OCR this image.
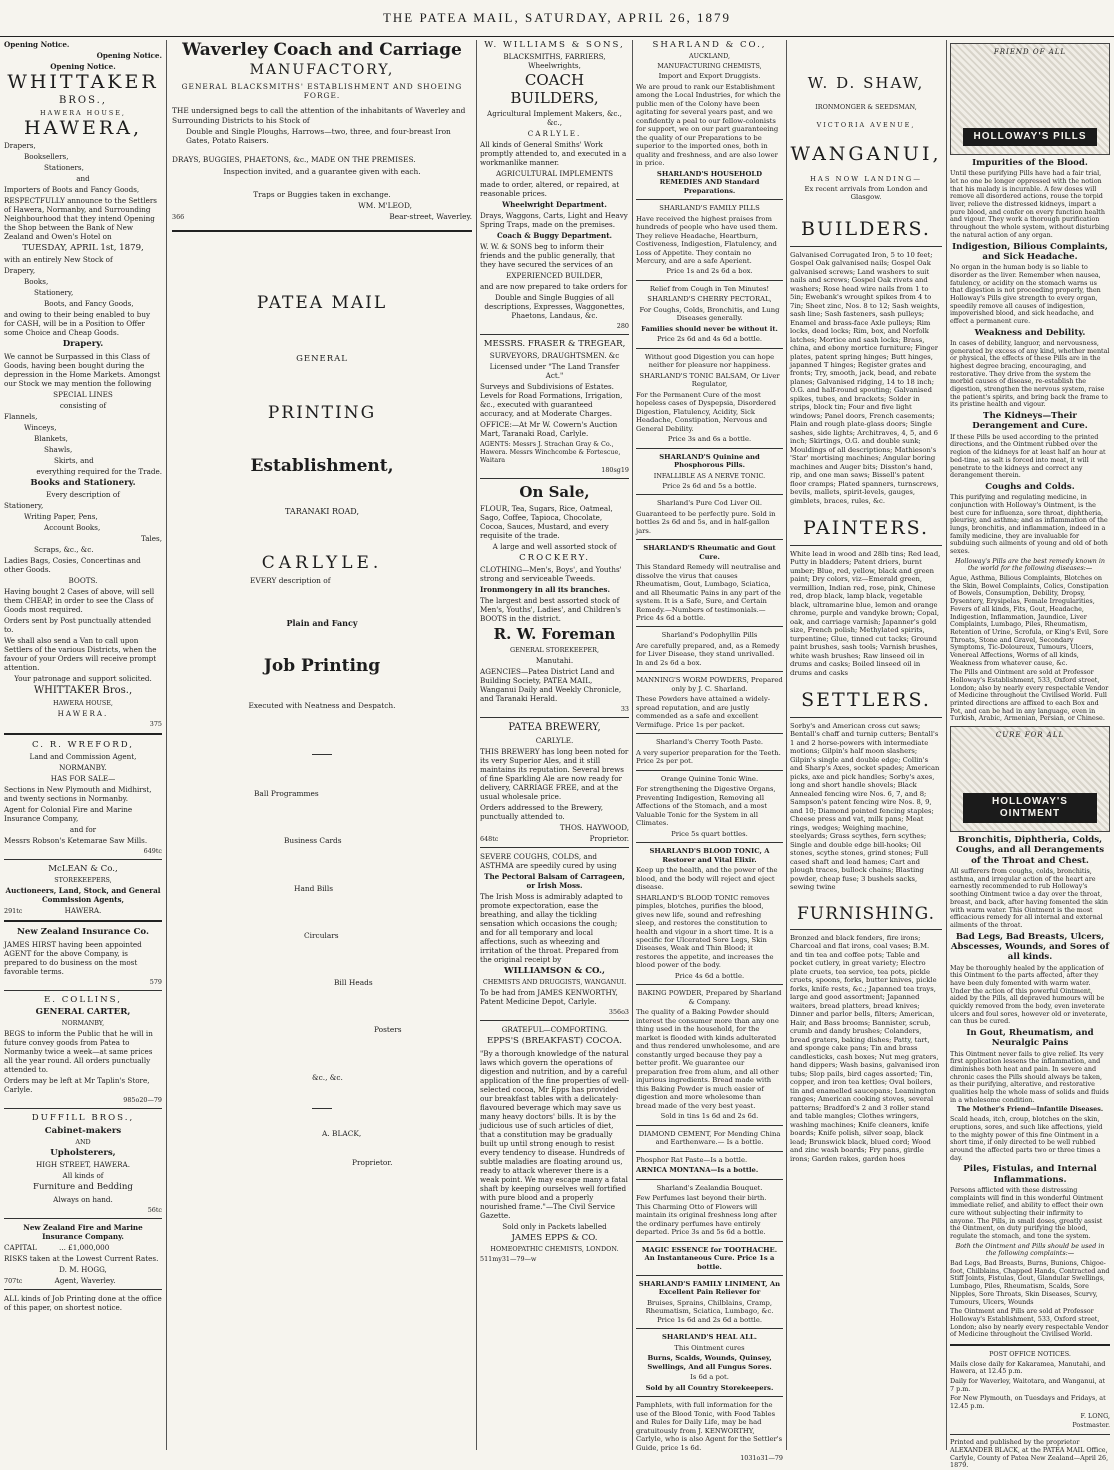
THE PATEA MAIL, SATURDAY, APRIL 26, 1879

Opening Notice.

Opening Notice.

Opening Notice.

WHITTAKER

BROS.,

HAWERA HOUSE,

HAWERA,

Drapers,

Booksellers,

Stationers,

and

Importers of Boots and Fancy Goods,

RESPECTFULLY announce to the Settlers of Hawera, Normanby, and Surrounding Neighbourhood that they intend Opening the Shop between the Bank of New Zealand and Owen's Hotel on

TUESDAY, APRIL 1st, 1879,

with an entirely New Stock of

Drapery,

Books,

Stationery,

Boots, and Fancy Goods,

and owing to their being enabled to buy for CASH, will be in a Position to Offer some Choice and Cheap Goods.

Drapery.

We cannot be Surpassed in this Class of Goods, having been bought during the depression in the Home Markets. Amongst our Stock we may mention the following

SPECIAL LINES

consisting of

Flannels,

Winceys,

Blankets,

Shawls,

Skirts, and

everything required for the Trade.

Books and Stationery.

Every description of

Stationery,

Writing Paper, Pens,

Account Books,

Tales,

Scraps, &c., &c.

Ladies Bags, Cosies, Concertinas and other Goods.

BOOTS.

Having bought 2 Cases of above, will sell them CHEAP, in order to see the Class of Goods most required.

Orders sent by Post punctually attended to.

We shall also send a Van to call upon Settlers of the various Districts, when the favour of your Orders will receive prompt attention.

Your patronage and support solicited.

WHITTAKER Bros.,

HAWERA HOUSE,

HAWERA.

375

C. R. WREFORD,

Land and Commission Agent,

NORMANBY.

HAS FOR SALE—

Sections in New Plymouth and Midhirst, and twenty sections in Normanby.

Agent for Colonial Fire and Marine Insurance Company,

and for

Messrs Robson's Ketemarae Saw Mills.

649tc

McLEAN & Co.,

STOREKEEPERS,

Auctioneers, Land, Stock, and General Commission Agents,

291tc	HAWERA.

New Zealand Insurance Co.

JAMES HIRST having been appointed AGENT for the above Company, is prepared to do business on the most favorable terms.

579

E. COLLINS,

GENERAL CARTER,

NORMANBY,

BEGS to inform the Public that he will in future convey goods from Patea to Normanby twice a week—at same prices all the year round. All orders punctually attended to.

Orders may be left at Mr Taplin's Store, Carlyle.

985o20—79

DUFFILL BROS.,

Cabinet-makers

AND

Upholsterers,

HIGH STREET, HAWERA.

All kinds of

Furniture and Bedding

Always on hand.

56tc

New Zealand Fire and Marine Insurance Company.

CAPITAL	... £1,000,000

RISKS taken at the Lowest Current Rates.

D. M. HOGG,

707tc	Agent, Waverley.

ALL kinds of Job Printing done at the office of this paper, on shortest notice.

Waverley Coach and Carriage

MANUFACTORY,

GENERAL BLACKSMITHS' ESTABLISHMENT AND SHOEING FORGE.

THE undersigned begs to call the attention of the inhabitants of Waverley and Surrounding Districts to his Stock of

Double and Single Ploughs, Harrows—two, three, and four-breast Iron Gates, Potato Raisers.

DRAYS, BUGGIES, PHAETONS, &c., MADE ON THE PREMISES.

Inspection invited, and a guarantee given with each.

Traps or Buggies taken in exchange.

WM. M'LEOD,

366	Bear-street, Waverley.

PATEA MAIL

GENERAL

PRINTING

Establishment,

TARANAKI ROAD,

CARLYLE.

EVERY description of

Plain and Fancy

Job Printing

Executed with Neatness and Despatch.

Ball Programmes

Business Cards

Hand Bills

Circulars

Bill Heads

Posters

&c., &c.

A. BLACK,

Proprietor.

W. WILLIAMS & SONS,

BLACKSMITHS, FARRIERS, Wheelwrights,

COACH BUILDERS,

Agricultural Implement Makers, &c., &c.,

CARLYLE.

All kinds of General Smiths' Work promptly attended to, and executed in a workmanlike manner.

AGRICULTURAL IMPLEMENTS

made to order, altered, or repaired, at reasonable prices.

Wheelwright Department.

Drays, Waggons, Carts, Light and Heavy Spring Traps, made on the premises.

Coach & Buggy Department.

W. W. & SONS beg to inform their friends and the public generally, that they have secured the services of an

EXPERIENCED BUILDER,

and are now prepared to take orders for

Double and Single Buggies of all descriptions, Expresses, Waggonettes, Phaetons, Landaus, &c.

280

MESSRS. FRASER & TREGEAR,

SURVEYORS, DRAUGHTSMEN. &c

Licensed under "The Land Transfer Act."

Surveys and Subdivisions of Estates. Levels for Road Formations, Irrigation, &c., executed with guaranteed accuracy, and at Moderate Charges.

OFFICE:—At Mr W. Cowern's Auction Mart, Taranaki Road, Carlyle.

AGENTS: Messrs J. Strachan Gray & Co., Hawera. Messrs Winchcombe & Fortescue, Waitara

180sg19

On Sale,

FLOUR, Tea, Sugars, Rice, Oatmeal, Sago, Coffee, Tapioca, Chocolate, Cocoa, Sauces, Mustard, and every requisite of the trade.

A large and well assorted stock of

CROCKERY.

CLOTHING—Men's, Boys', and Youths' strong and serviceable Tweeds.

Ironmongery in all its branches.

The largest and best assorted stock of Men's, Youths', Ladies', and Children's BOOTS in the district.

R. W. Foreman

GENERAL STOREKEEPER,

Manutahi.

AGENCIES—Patea District Land and Building Society, PATEA MAIL, Wanganui Daily and Weekly Chronicle, and Taranaki Herald.

33

PATEA BREWERY,

CARLYLE.

THIS BREWERY has long been noted for its very Superior Ales, and it still maintains its reputation. Several brews of fine Sparkling Ale are now ready for delivery, CARRIAGE FREE, and at the usual wholesale price.

Orders addressed to the Brewery, punctually attended to.

THOS. HAYWOOD,

648tc	Proprietor.

SEVERE COUGHS, COLDS, and ASTHMA are speedily cured by using

The Pectoral Balsam of Carrageen, or Irish Moss.

The Irish Moss is admirably adapted to promote expectoration, ease the breathing, and allay the tickling sensation which occasions the cough; and for all temporary and local affections, such as wheezing and irritation of the throat. Prepared from the original receipt by

WILLIAMSON & CO.,

CHEMISTS AND DRUGGISTS, WANGANUI.

To be had from JAMES KENWORTHY, Patent Medicine Depot, Carlyle.

356o3

GRATEFUL—COMFORTING.

EPPS'S (BREAKFAST) COCOA.

"By a thorough knowledge of the natural laws which govern the operations of digestion and nutrition, and by a careful application of the fine properties of well-selected cocoa, Mr Epps has provided our breakfast tables with a delicately-flavoured beverage which may save us many heavy doctors' bills. It is by the judicious use of such articles of diet, that a constitution may be gradually built up until strong enough to resist every tendency to disease. Hundreds of subtle maladies are floating around us, ready to attack wherever there is a weak point. We may escape many a fatal shaft by keeping ourselves well fortified with pure blood and a properly nourished frame."—The Civil Service Gazette.

Sold only in Packets labelled

JAMES EPPS & CO.

HOMEOPATHIC CHEMISTS, LONDON.

511my31—79—w

SHARLAND & CO.,

AUCKLAND,

MANUFACTURING CHEMISTS,

Import and Export Druggists.

We are proud to rank our Establishment among the Local Industries, for which the public men of the Colony have been agitating for several years past, and we confidently a peal to our fellow-colonists for support, we on our part guaranteeing the quality of our Preparations to be superior to the imported ones, both in quality and freshness, and are also lower in price.

SHARLAND'S HOUSEHOLD REMEDIES AND Standard Preparations.

SHARLAND'S FAMILY PILLS

Have received the highest praises from hundreds of people who have used them. They relieve Headache, Heartburn, Costiveness, Indigestion, Flatulency, and Loss of Appetite. They contain no Mercury, and are a safe Aperient.

Price 1s and 2s 6d a box.

Relief from Cough in Ten Minutes!

SHARLAND'S CHERRY PECTORAL,

For Coughs, Colds, Bronchitis, and Lung Diseases generally.

Families should never be without it.

Price 2s 6d and 4s 6d a bottle.

Without good Digestion you can hope neither for pleasure nor happiness.

SHARLAND'S TONIC BALSAM, Or Liver Regulator,

For the Permanent Cure of the most hopeless cases of Dyspepsia, Disordered Digestion, Flatulency, Acidity, Sick Headache, Constipation, Nervous and General Debility.

Price 3s and 6s a bottle.

SHARLAND'S Quinine and Phosphorous Pills.

INFALLIBLE AS A NERVE TONIC.

Price 2s 6d and 5s a bottle.

Sharland's Pure Cod Liver Oil.

Guaranteed to be perfectly pure. Sold in bottles 2s 6d and 5s, and in half-gallon jars.

SHARLAND'S Rheumatic and Gout Cure.

This Standard Remedy will neutralise and dissolve the virus that causes Rheumatism, Gout, Lumbago, Sciatica, and all Rheumatic Pains in any part of the system. It is a Safe, Sure, and Certain Remedy.—Numbers of testimonials.—Price 4s 6d a bottle.

Sharland's Podophyllin Pills

Are carefully prepared, and, as a Remedy for Liver Disease, they stand unrivalled. In and 2s 6d a box.

MANNING'S WORM POWDERS, Prepared only by J. C. Sharland.

These Powders have attained a widely-spread reputation, and are justly commended as a safe and excellent Vermifuge. Price 1s per packet.

Sharland's Cherry Tooth Paste.

A very superior preparation for the Teeth. Price 2s per pot.

Orange Quinine Tonic Wine.

For strengthening the Digestive Organs, Preventing Indigestion, Removing all Affections of the Stomach, and a most Valuable Tonic for the System in all Climates.

Price 5s quart bottles.

SHARLAND'S BLOOD TONIC, A Restorer and Vital Elixir.

Keep up the health, and the power of the blood, and the body will reject and eject disease.

SHARLAND'S BLOOD TONIC removes pimples, blotches, purifies the blood, gives new life, sound and refreshing sleep, and restores the constitution to health and vigour in a short time. It is a specific for Ulcerated Sore Legs, Skin Diseases, Weak and Thin Blood; it restores the appetite, and increases the blood power of the body.

Price 4s 6d a bottle.

BAKING POWDER, Prepared by Sharland & Company.

The quality of a Baking Powder should interest the consumer more than any one thing used in the household, for the market is flooded with kinds adulterated and thus rendered unwholesome, and are constantly urged because they pay a better profit. We guarantee our preparation free from alum, and all other injurious ingredients. Bread made with this Baking Powder is much easier of digestion and more wholesome than bread made of the very best yeast.

Sold in tins 1s 6d and 2s 6d.

DIAMOND CEMENT, For Mending China and Earthenware.— Is a bottle.

Phosphor Rat Paste—Is a bottle.

ARNICA MONTANA—Is a bottle.

Sharland's Zealandia Bouquet.

Few Perfumes last beyond their birth. This Charming Otto of Flowers will maintain its original freshness long after the ordinary perfumes have entirely departed. Price 3s and 5s 6d a bottle.

MAGIC ESSENCE for TOOTHACHE. An Instantaneous Cure. Price 1s a bottle.

SHARLAND'S FAMILY LINIMENT, An Excellent Pain Reliever for

Bruises, Sprains, Chilblains, Cramp, Rheumatism, Sciatica, Lumbago, &c. Price 1s 6d and 2s 6d a bottle.

SHARLAND'S HEAL ALL.

This Ointment cures

Burns, Scalds, Wounds, Quinsey, Swellings, And all Fungus Sores.

Is 6d a pot.

Sold by all Country Storekeepers.

Pamphlets, with full information for the use of the Blood Tonic, with Food Tables and Rules for Daily Life, may be had gratuitously from J. KENWORTHY, Carlyle, who is also Agent for the Settler's Guide, price 1s 6d.

1031o31—79

W. D. SHAW,

IRONMONGER & SEEDSMAN,

VICTORIA AVENUE,

WANGANUI,

HAS NOW LANDING—

Ex recent arrivals from London and Glasgow.

BUILDERS.

Galvanised Corrugated Iron, 5 to 10 feet; Gospel Oak galvanised nails; Gospel Oak galvanised screws; Land washers to suit nails and screws; Gospel Oak rivets and washers; Rose head wire nails from 1 to 5in; Ewebank's wrought spikes from 4 to 7in; Sheet zinc, Nos. 8 to 12; Sash weights, sash line; Sash fasteners, sash pulleys; Enamel and brass-face Axle pulleys; Rim locks, dead locks; Rim, box, and Norfolk latches; Mortice and sash locks; Brass, china, and ebony mortice furniture; Finger plates, patent spring hinges; Butt hinges, japanned T hinges; Register grates and fronts; Try, smooth, jack, bead, and rebate planes; Galvanised ridging, 14 to 18 inch; O.G. and half-round spouting; Galvanised spikes, tubes, and brackets; Solder in strips, block tin; Four and five light windows; Panel doors, French casements; Plain and rough plate-glass doors; Single sashes, side lights; Architraves, 4, 5, and 6 inch; Skirtings, O.G. and double sunk; Mouldings of all descriptions; Mathieson's 'Star' mortising machines; Angular boring machines and Auger bits; Disston's hand, rip, and one man saws; Bissell's patent floor cramps; Plated spanners, turnscrews, bevils, mallets, spirit-levels, gauges, gimblets, braces, rules, &c.

PAINTERS.

White lead in wood and 28lb tins; Red lead, Putty in bladders; Patent driers, burnt umber; Blue, red, yellow, black and green paint; Dry colors, viz—Emerald green, vermillion, Indian red, rose, pink, Chinese red, drop black, lamp black, vegetable black, ultramarine blue, lemon and orange chrome, purple and vandyke brown; Copal, oak, and carriage varnish; Japanner's gold size, French polish; Methylated spirits, turpentine; Glue, tinned cut tacks; Ground paint brushes, sash tools; Varnish brushes, white wash brushes; Raw linseed oil in drums and casks; Boiled linseed oil in drums and casks

SETTLERS.

Sorby's and American cross cut saws; Bentall's chaff and turnip cutters; Bentall's 1 and 2 horse-powers with intermediate motions; Gilpin's half moon slashers; Gilpin's single and double edge; Collin's and Sharp's Axes, socket spades; American picks, axe and pick handles; Sorby's axes, long and short handle shovels; Black Annealed fencing wire Nos. 6, 7, and 8; Sampson's patent fencing wire Nos. 8, 9, and 10; Diamond pointed fencing staples; Cheese press and vat, milk pans; Meat rings, wedges; Weighing machine, steelyards; Grass scythes, fern scythes; Single and double edge bill-hooks; Oil stones, scythe stones, grind stones; Full cased shaft and lead hames; Cart and plough traces, bullock chains; Blasting powder, cheap fuse; 3 bushels sacks, sewing twine

FURNISHING.

Bronzed and black fenders, fire irons; Charcoal and flat irons, coal vases; B.M. and tin tea and coffee pots; Table and pocket cutlery, in great variety; Electro plate cruets, tea service, tea pots, pickle cruets, spoons, forks, butter knives, pickle forks, knife rests, &c.; Japanned tea trays, large and good assortment; Japanned waiters, bread platters, bread knives; Dinner and parlor bells, filters; American, Hair, and Bass brooms; Bannister, scrub, crumb and dandy brushes; Colanders, bread graters, baking dishes; Patty, tart, and sponge cake pans; Tin and brass candlesticks, cash boxes; Nut meg graters, hand dippers; Wash basins, galvanised iron tubs; Slop pails, bird cages assorted; Tin, copper, and iron tea kettles; Oval boilers, tin and enamelled saucepans; Leamington ranges; American cooking stoves, several patterns; Bradford's 2 and 3 roller stand and table mangles; Clothes wringers, washing machines; Knife cleaners, knife boards; Knife polish, silver soap, black lead; Brunswick black, blued cord; Wood and zinc wash boards; Fry pans, girdle irons; Garden rakes, garden hoes

FRIEND OF ALL
HOLLOWAY'S PILLS

Impurities of the Blood.

Until these purifying Pills have had a fair trial, let no one be longer oppressed with the notion that his malady is incurable. A few doses will remove all disordered actions, rouse the torpid liver, relieve the distressed kidneys, impart a pure blood, and confer on every function health and vigour. They work a thorough purification throughout the whole system, without disturbing the natural action of any organ.

Indigestion, Bilious Complaints, and Sick Headache.

No organ in the human body is so liable to disorder as the liver. Remember when nausea, fatulency, or acidity on the stomach warns us that digestion is not proceeding properly, then Holloway's Pills give strength to every organ, speedily remove all causes of indigestion, impoverished blood, and sick headache, and effect a permanent cure.

Weakness and Debility.

In cases of debility, languor, and nervousness, generated by excess of any kind, whether mental or physical, the effects of these Pills are in the highest degree bracing, encouraging, and restorative. They drive from the system the morbid causes of disease, re-establish the digestion, strengthen the nervous system, raise the patient's spirits, and bring back the frame to its pristine health and vigour.

The Kidneys—Their Derangement and Cure.

If these Pills be used according to the printed directions, and the Ointment rubbed over the region of the kidneys for at least half an hour at bed-time, as salt is forced into meat, it will penetrate to the kidneys and correct any derangement therein.

Coughs and Colds.

This purifying and regulating medicine, in conjunction with Holloway's Ointment, is the best cure for influenza, sore throat, diphtheria, pleurisy, and asthma; and as inflammation of the lungs, bronchitis, and inflammation, indeed in a family medicine, they are invaluable for subduing such ailments of young and old of both sexes.

Holloway's Pills are the best remedy known in the world for the following diseases:—

Ague, Asthma, Bilious Complaints, Blotches on the Skin, Bowel Complaints, Colics, Constipation of Bowels, Consumption, Debility, Dropsy, Dysentery, Erysipelas, Female Irregularities, Fevers of all kinds, Fits, Gout, Headache, Indigestion, Inflammation, Jaundice, Liver Complaints, Lumbago, Piles, Rheumatism, Retention of Urine, Scrofula, or King's Evil, Sore Throats, Stone and Gravel, Secondary Symptoms, Tic-Doloureux, Tumours, Ulcers, Venereal Affections, Worms of all kinds, Weakness from whatever cause, &c.

The Pills and Ointment are sold at Professor Holloway's Establishment, 533, Oxford street, London; also by nearly every respectable Vendor of Medicine throughout the Civilised World. Full printed directions are affixed to each Box and Pot, and can be had in any language, even in Turkish, Arabic, Armenian, Persian, or Chinese.

CURE FOR ALL
HOLLOWAY'S OINTMENT

Bronchitis, Diphtheria, Colds, Coughs, and all Derangements of the Throat and Chest.

All sufferers from coughs, colds, bronchitis, asthma, and irregular action of the heart are earnestly recommended to rub Holloway's soothing Ointment twice a day over the throat, breast, and back, after having fomented the skin with warm water. This Ointment is the most efficacious remedy for all internal and external ailments of the throat.

Bad Legs, Bad Breasts, Ulcers, Abscesses, Wounds, and Sores of all kinds.

May be thoroughly healed by the application of this Ointment to the parts affected, after they have been duly fomented with warm water. Under the action of this powerful Ointment, aided by the Pills, all depraved humours will be quickly removed from the body, even inveterate ulcers and foul sores, however old or inveterate, can thus be cured.

In Gout, Rheumatism, and Neuralgic Pains

This Ointment never fails to give relief. Its very first application lessens the inflammation, and diminishes both heat and pain. In severe and chronic cases the Pills should always be taken, as their purifying, alterative, and restorative qualities help the whole mass of solids and fluids in a wholesome condition.

The Mother's Friend—Infantile Diseases.

Scald heads, itch, croup, blotches on the skin, eruptions, sores, and such like affections, yield to the mighty power of this fine Ointment in a short time, if only directed to be well rubbed around the affected parts two or three times a day.

Piles, Fistulas, and Internal Inflammations.

Persons afflicted with these distressing complaints will find in this wonderful Ointment immediate relief, and ability to effect their own cure without subjecting their infirmity to anyone. The Pills, in small doses, greatly assist the Ointment, on duty purifying the blood, regulate the stomach, and tone the system.

Both the Ointment and Pills should be used in the following complaints:—

Bad Legs, Bad Breasts, Burns, Bunions, Chigoe-foot, Chilblains, Chapped Hands, Contracted and Stiff Joints, Fistulas, Gout, Glandular Swellings, Lumbago, Piles, Rheumatism, Scalds, Sore Nipples, Sore Throats, Skin Diseases, Scurvy, Tumours, Ulcers, Wounds

The Ointment and Pills are sold at Professor Holloway's Establishment, 533, Oxford street, London; also by nearly every respectable Vendor of Medicine throughout the Civilised World.

POST OFFICE NOTICES.

Mails close daily for Kakaramea, Manutahi, and Hawera, at 12.45 p.m.

Daily for Waverley, Waitotara, and Wanganui, at 7 p.m.

For New Plymouth, on Tuesdays and Fridays, at 12.45 p.m.

F. LONG,

Postmaster.

Printed and published by the proprietor ALEXANDER BLACK, at the PATEA MAIL Office, Carlyle, County of Patea New Zealand—April 26, 1879.
